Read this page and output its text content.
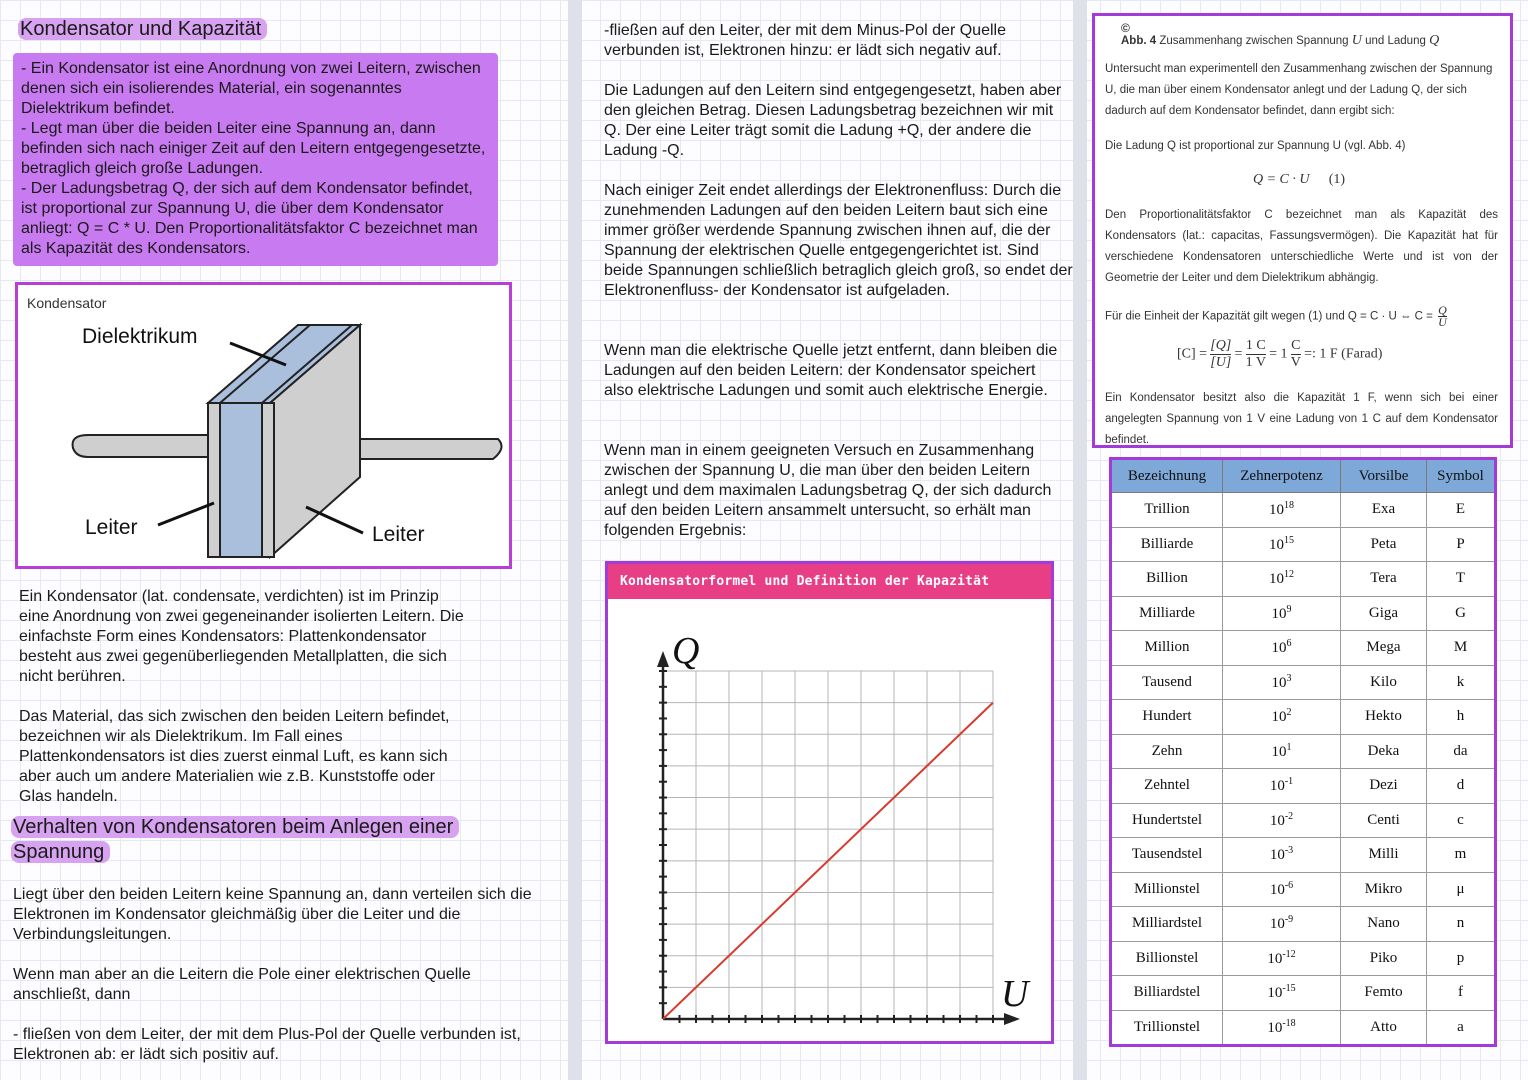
Kondensator und Kapazität

- Ein Kondensator ist eine Anordnung von zwei Leitern, zwischen denen sich ein isolierendes Material, ein sogenanntes Dielektrikum befindet.

- Legt man über die beiden Leiter eine Spannung an, dann befinden sich nach einiger Zeit auf den Leitern entgegengesetzte, betraglich gleich große Ladungen.

- Der Ladungsbetrag Q, der sich auf dem Kondensator befindet, ist proportional zur Spannung U, die über dem Kondensator anliegt: Q = C * U. Den Proportionalitätsfaktor C bezeichnet man als Kapazität des Kondensators.

Kondensator
Dielektrikum
Leiter	Leiter

Ein Kondensator (lat. condensate, verdichten) ist im Prinzip eine Anordnung von zwei gegeneinander isolierten Leitern. Die einfachste Form eines Kondensators: Plattenkondensator besteht aus zwei gegenüberliegenden Metallplatten, die sich nicht berühren.

Das Material, das sich zwischen den beiden Leitern befindet, bezeichnen wir als Dielektrikum. Im Fall eines Plattenkondensators ist dies zuerst einmal Luft, es kann sich aber auch um andere Materialien wie z.B. Kunststoffe oder Glas handeln.

Verhalten von Kondensatoren beim Anlegen einer Spannung

Liegt über den beiden Leitern keine Spannung an, dann verteilen sich die Elektronen im Kondensator gleichmäßig über die Leiter und die Verbindungsleitungen.

Wenn man aber an die Leitern die Pole einer elektrischen Quelle anschließt, dann

- fließen von dem Leiter, der mit dem Plus-Pol der Quelle verbunden ist, Elektronen ab: er lädt sich positiv auf.

-fließen auf den Leiter, der mit dem Minus-Pol der Quelle verbunden ist, Elektronen hinzu: er lädt sich negativ auf.

Die Ladungen auf den Leitern sind entgegengesetzt, haben aber den gleichen Betrag. Diesen Ladungsbetrag bezeichnen wir mit Q. Der eine Leiter trägt somit die Ladung +Q, der andere die Ladung -Q.

Nach einiger Zeit endet allerdings der Elektronenfluss: Durch die zunehmenden Ladungen auf den beiden Leitern baut sich eine immer größer werdende Spannung zwischen ihnen auf, die der Spannung der elektrischen Quelle entgegengerichtet ist. Sind beide Spannungen schließlich betraglich gleich groß, so endet der Elektronenfluss- der Kondensator ist aufgeladen.

Wenn man die elektrische Quelle jetzt entfernt, dann bleiben die Ladungen auf den beiden Leitern: der Kondensator speichert also elektrische Ladungen und somit auch elektrische Energie.

Wenn man in einem geeigneten Versuch en Zusammenhang zwischen der Spannung U, die man über den beiden Leitern anlegt und dem maximalen Ladungsbetrag Q, der sich dadurch auf den beiden Leitern ansammelt untersucht, so erhält man folgenden Ergebnis:

Kondensatorformel und Definition der Kapazität
Q
U
©
Abb. 4 Zusammenhang zwischen Spannung U und Ladung Q
Untersucht man experimentell den Zusammenhang zwischen der Spannung
U, die man über einem Kondensator anlegt und der Ladung Q, der sich
dadurch auf dem Kondensator befindet, dann ergibt sich:
Die Ladung Q ist proportional zur Spannung U (vgl. Abb. 4)
Q = C · U (1)
Den Proportionalitätsfaktor C bezeichnet man als Kapazität des Kondensators (lat.: capacitas, Fassungsvermögen). Die Kapazität hat für verschiedene Kondensatoren unterschiedliche Werte und ist von der Geometrie der Leiter und dem Dielektrikum abhängig.
Für die Einheit der Kapazität gilt wegen (1) und Q = C · U ⇔ $C = \frac{Q}{U}$
$[C] = \frac{[Q]}{[U]} = \frac{1 C}{1 V} = 1 \frac{C}{V}$ =: 1 F (Farad)
Ein Kondensator besitzt also die Kapazität 1 F, wenn sich bei einer angelegten Spannung von 1 V eine Ladung von 1 C auf dem Kondensator befindet.
Bezeichnung	Zehnerpotenz	Vorsilbe	Symbol
Trillion	$10^{18}$	Exa	E
Billiarde	$10^{15}$	Peta	P
Billion	$10^{12}$	Tera	T
Milliarde	$10^9$	Giga	G
Million	$10^6$	Mega	M
Tausend	$10^3$	Kilo	k
Hundert	$10^2$	Hekto	h
Zehn	$10^1$	Deka	da
Zehntel	$10^{-1}$	Dezi	d
Hundertstel	$10^{-2}$	Centi	c
Tausendstel	$10^{-3}$	Milli	m
Millionstel	$10^{-6}$	Mikro	μ
Milliardstel	$10^{-9}$	Nano	n
Billionstel	$10^{-12}$	Piko	p
Billiardstel	$10^{-15}$	Femto	f
Trillionstel	$10^{-18}$	Atto	a
